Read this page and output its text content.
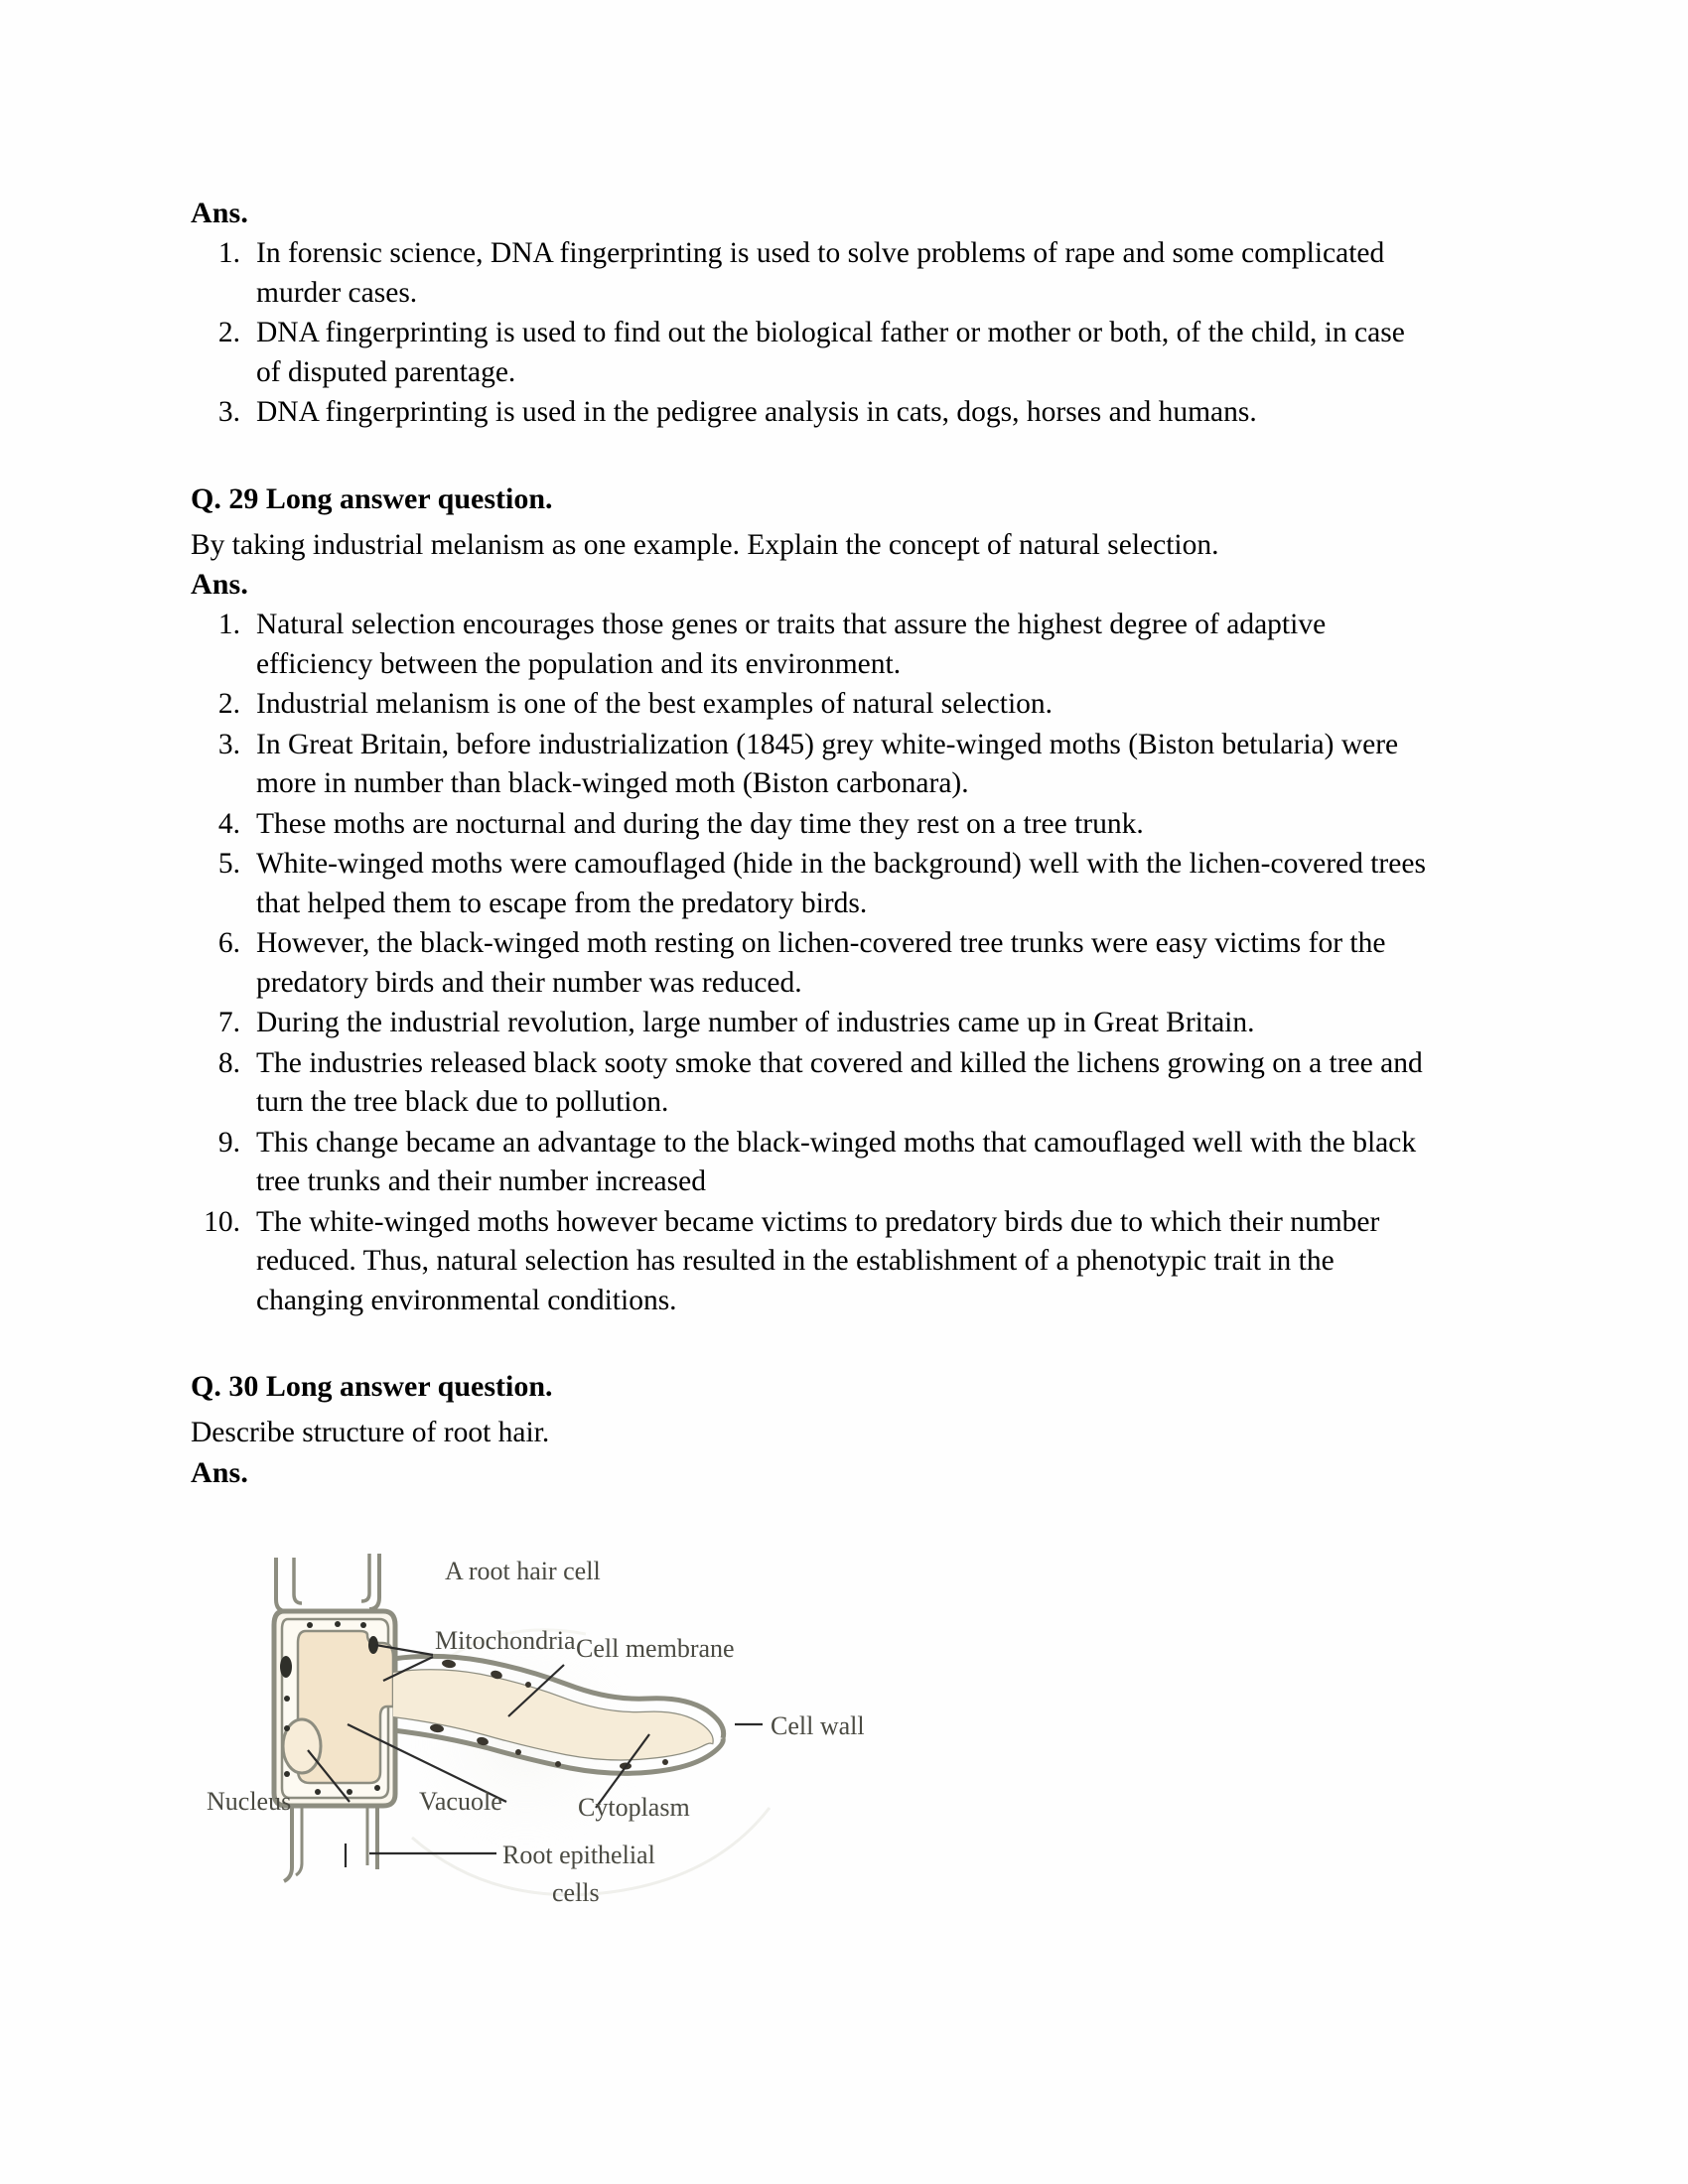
Ans.
1. In forensic science, DNA fingerprinting is used to solve problems of rape and some complicated murder cases.
2. DNA fingerprinting is used to find out the biological father or mother or both, of the child, in case of disputed parentage.
3. DNA fingerprinting is used in the pedigree analysis in cats, dogs, horses and humans.
Q. 29 Long answer question.
By taking industrial melanism as one example. Explain the concept of natural selection.
Ans.
1. Natural selection encourages those genes or traits that assure the highest degree of adaptive efficiency between the population and its environment.
2. Industrial melanism is one of the best examples of natural selection.
3. In Great Britain, before industrialization (1845) grey white-winged moths (Biston betularia) were more in number than black-winged moth (Biston carbonara).
4. These moths are nocturnal and during the day time they rest on a tree trunk.
5. White-winged moths were camouflaged (hide in the background) well with the lichen-covered trees that helped them to escape from the predatory birds.
6. However, the black-winged moth resting on lichen-covered tree trunks were easy victims for the predatory birds and their number was reduced.
7. During the industrial revolution, large number of industries came up in Great Britain.
8. The industries released black sooty smoke that covered and killed the lichens growing on a tree and turn the tree black due to pollution.
9. This change became an advantage to the black-winged moths that camouflaged well with the black tree trunks and their number increased
10. The white-winged moths however became victims to predatory birds due to which their number reduced. Thus, natural selection has resulted in the establishment of a phenotypic trait in the changing environmental conditions.
Q. 30 Long answer question.
Describe structure of root hair.
Ans.
A root hair cell
Mitochondria Cell membrane
Cell wall
Nucleus	Vacuole	Cytoplasm
Root epithelial
cells
